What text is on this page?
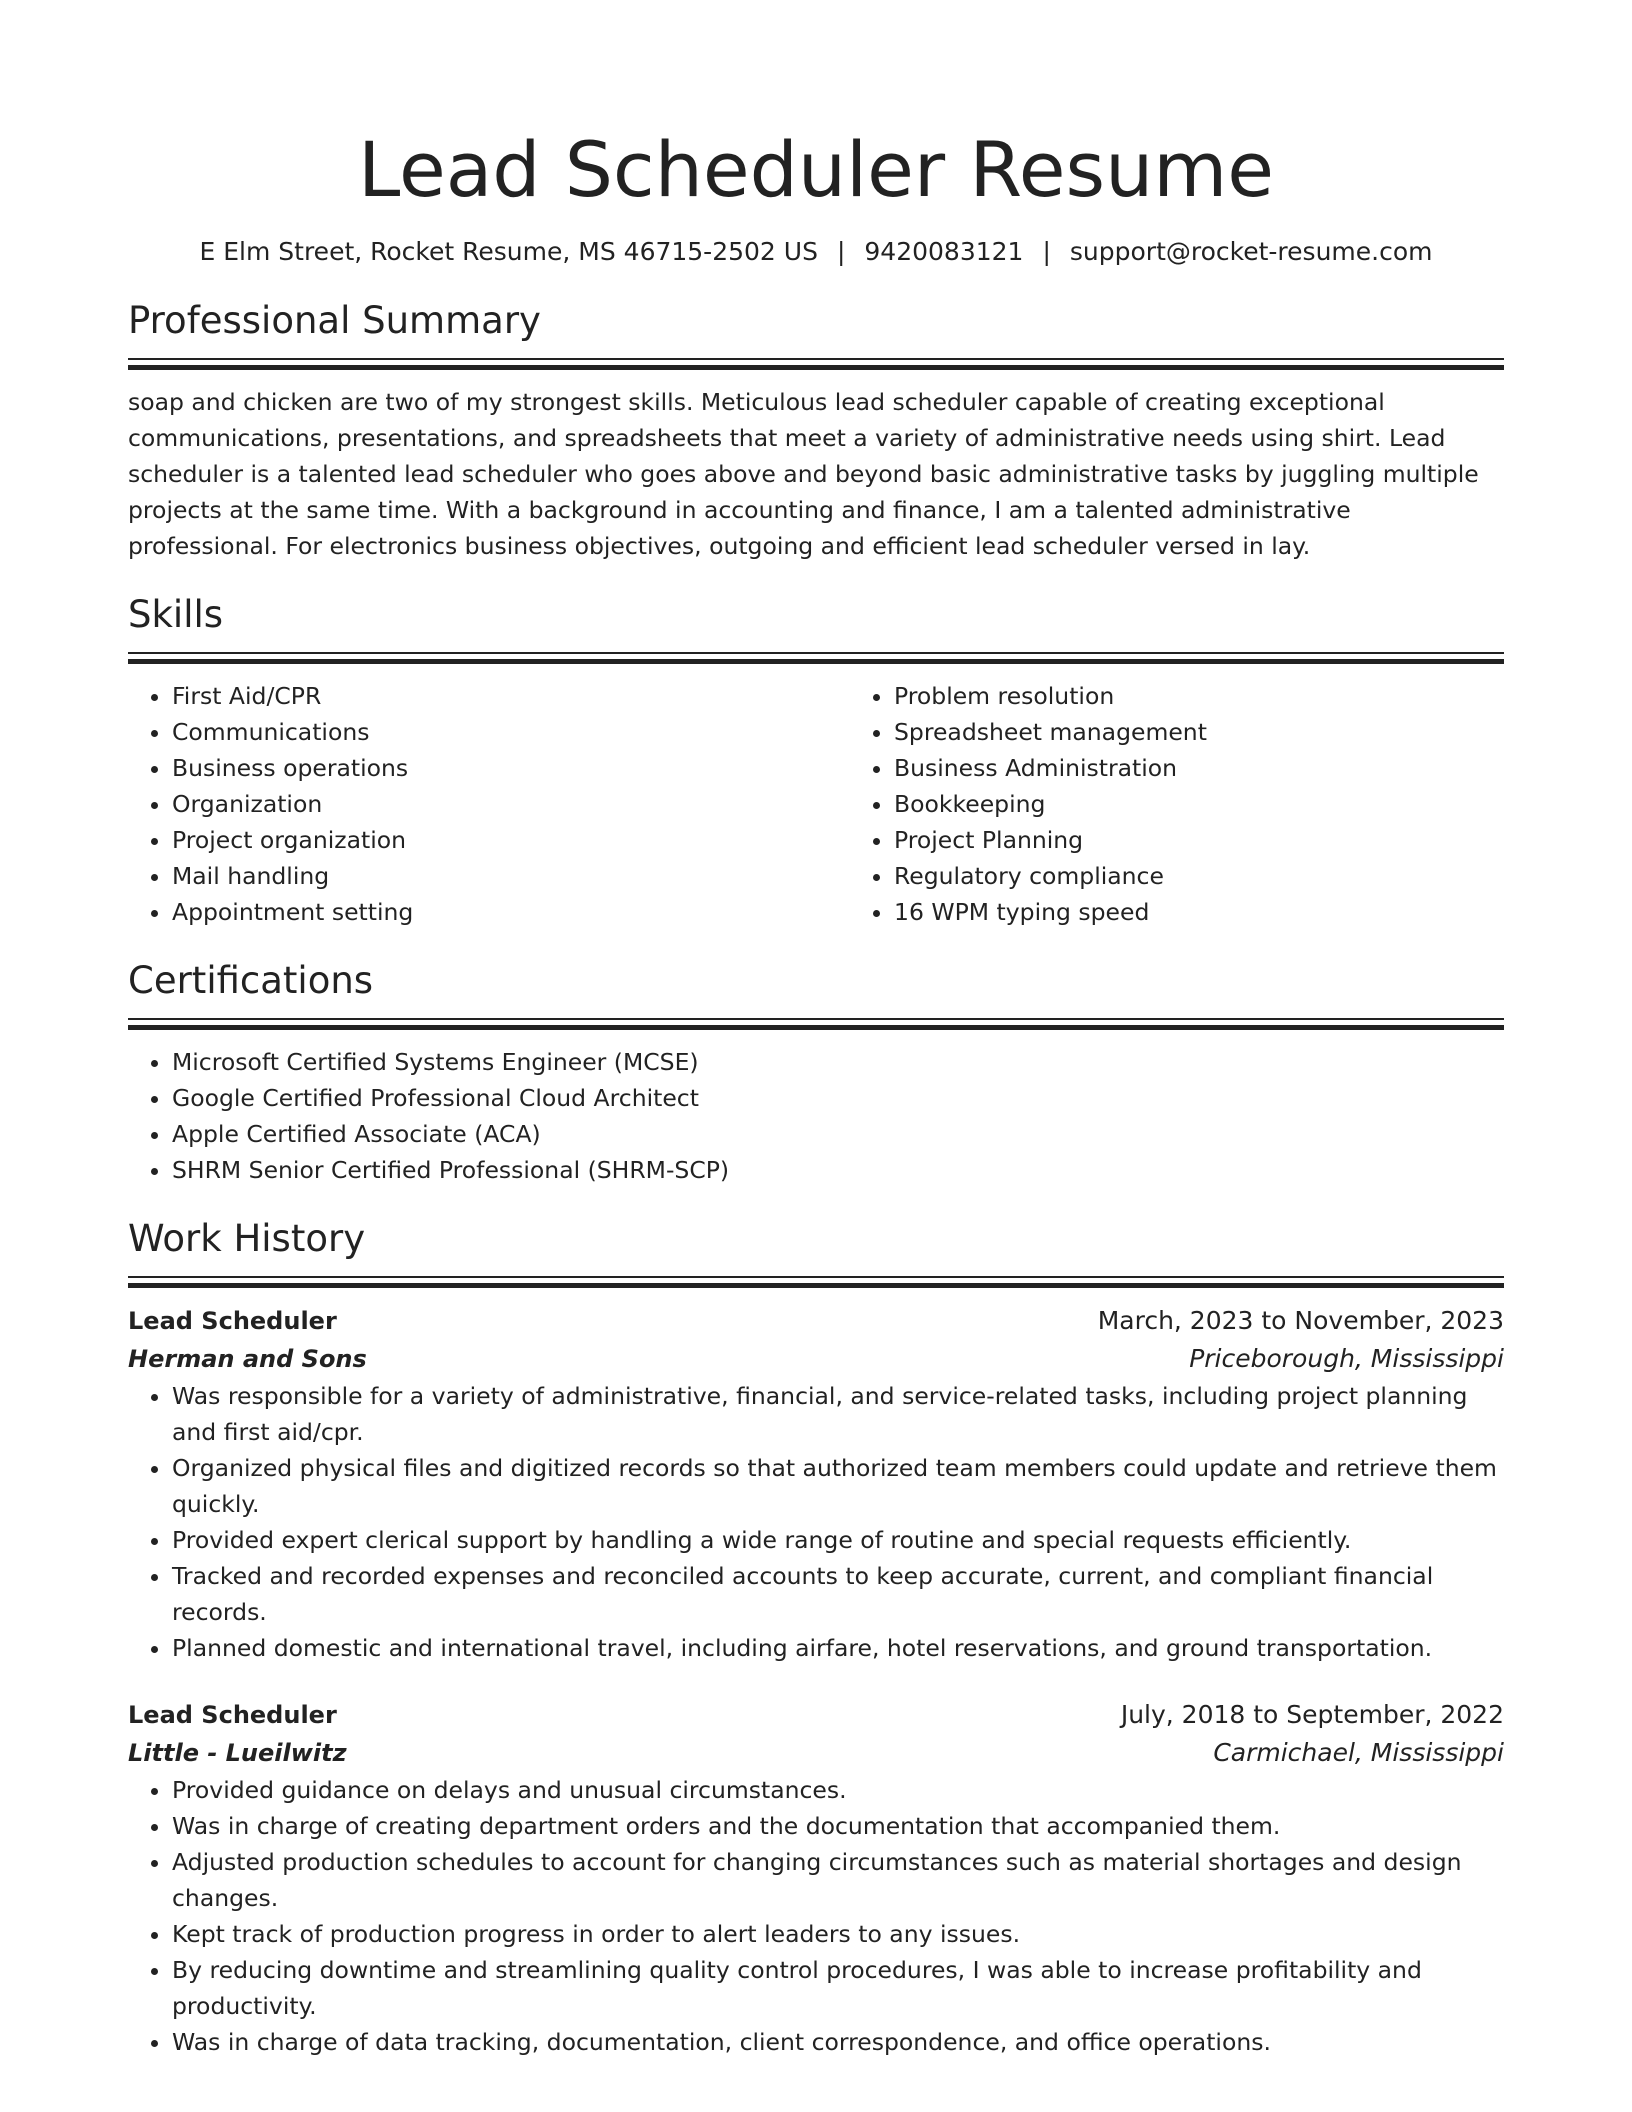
Lead Scheduler Resume
E Elm Street, Rocket Resume, MS 46715-2502 US | 9420083121 | support@rocket-resume.com
Professional Summary
soap and chicken are two of my strongest skills. Meticulous lead scheduler capable of creating exceptional communications, presentations, and spreadsheets that meet a variety of administrative needs using shirt. Lead scheduler is a talented lead scheduler who goes above and beyond basic administrative tasks by juggling multiple projects at the same time. With a background in accounting and finance, I am a talented administrative professional. For electronics business objectives, outgoing and efficient lead scheduler versed in lay.
Skills
• First Aid/CPR
• Communications
• Business operations
• Organization
• Project organization
• Mail handling
• Appointment setting
• Problem resolution
• Spreadsheet management
• Business Administration
• Bookkeeping
• Project Planning
• Regulatory compliance
• 16 WPM typing speed
Certifications
• Microsoft Certified Systems Engineer (MCSE)
• Google Certified Professional Cloud Architect
• Apple Certified Associate (ACA)
• SHRM Senior Certified Professional (SHRM-SCP)
Work History
Lead Scheduler	March, 2023 to November, 2023
Herman and Sons	Priceborough, Mississippi
• Was responsible for a variety of administrative, financial, and service-related tasks, including project planning and first aid/cpr.
• Organized physical files and digitized records so that authorized team members could update and retrieve them quickly.
• Provided expert clerical support by handling a wide range of routine and special requests efficiently.
• Tracked and recorded expenses and reconciled accounts to keep accurate, current, and compliant financial records.
• Planned domestic and international travel, including airfare, hotel reservations, and ground transportation.
Lead Scheduler	July, 2018 to September, 2022
Little - Lueilwitz	Carmichael, Mississippi
• Provided guidance on delays and unusual circumstances.
• Was in charge of creating department orders and the documentation that accompanied them.
• Adjusted production schedules to account for changing circumstances such as material shortages and design changes.
• Kept track of production progress in order to alert leaders to any issues.
• By reducing downtime and streamlining quality control procedures, I was able to increase profitability and productivity.
• Was in charge of data tracking, documentation, client correspondence, and office operations.
